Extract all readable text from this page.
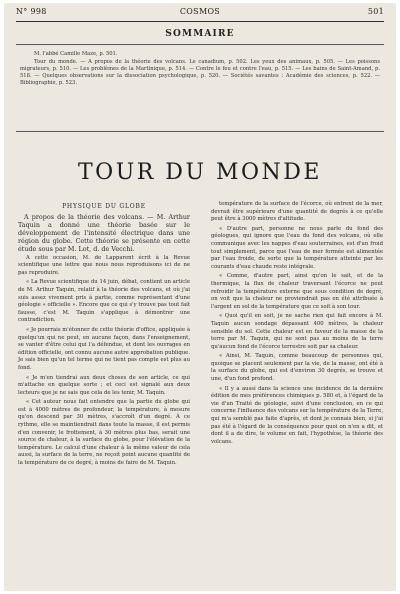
N° 998	COSMOS	501
SOMMAIRE

M. l'abbé Camille Maze, p. 501.

Tour du monde. — A propos de la théorie des volcans. Le canadium, p. 502. Les yeux des animaux, p. 505. — Les poissons migrateurs, p. 510. — Les problèmes de la Martinique, p. 514. — Contre le feu et contre l'eau, p. 515. — Les bains de Saint-Amand, p. 518. — Quelques observations sur la dissociation psychologique, p. 520. — Sociétés savantes : Académie des sciences, p. 522. — Bibliographie, p. 523.

TOUR DU MONDE

PHYSIQUE DU GLOBE

A propos de la théorie des volcans. — M. Arthur Taquin a donné une théorie basée sur le développement de l'intensité électrique dans une région du globe. Cette théorie se présente en cette étude sous par M. Lot, d. de Vecchi.

A cette occasion, M. de Lapparent écrit à la Revue scientifique une lettre que nous nous reproduisons ici de ne pas reproduire.

« La Revue scientifique du 14 juin, débat, contient un article de M. Arthur Taquin, relatif à la théorie des volcans, et où j'ai suis assez vivement pris à partie, comme représentant d'une géologie « officielle ». Encore que ce qui s'y trouve pas tout fait fausse, c'est M. Taquin s'applique à démontrer une contradiction.

« Je pourrais m'étonner de cette théorie d'office, appliquée à quelqu'un qui ne peut, en aucune façon, dans l'enseignement, se vanter d'être celui qui l'a défendue, et dont les ouvrages en édition officielle, ont connu aucune autre approbation publique. Je sais bien qu'un tel terme qui ne tient pas compte est plus au fond.

« Je m'en tiendrai aux deux choses de son article, ce qui m'attache en quelque sorte ; et ceci est signalé aux deux lecteurs que je ne sais que cela de les tenir, M. Taquin.

« Cet auteur nous fait entendre que la partie du globe qui est à 4000 mètres de profondeur, la température, à mesure qu'on descend par 30 mètres, s'accroît d'un degré. À ce rythme, elle se maintiendrait dans toute la masse, il est permis d'en convenir, le frottement, à 30 mètres plus bas, serait une source de chaleur, à la surface du globe, pour l'élévation de la température. Le calcul d'une chaleur à la même valeur de cela aussi, la surface de la terre, ne reçoit point aucune quantité de la température de ce degré, à moins de faire de M. Taquin.

température de la surface de l'écorce, où entrent de la mer, devrait être supérieure d'une quantité de degrés à ce qu'elle peut être à 3000 mètres d'altitude.

« D'autre part, personne ne nous parle du fond des géologues, qui ignore que l'eau du fond des volcans, où elle communique avec les nappes d'eau souterraines, est d'un froid tout simplement, parce que l'eau de mer formée est alimentée par l'eau froide, de sorte que la température atteinte par les courants d'eau chaude reste intégrale.

« Comme, d'autre part, ainsi qu'on le sait, et de la thermique, la flux de chaleur traversant l'écorce ne peut refroidir la température externe que sous condition de degré, on voit que la chaleur ne proviendrait pas en été attribuée à l'argent en sol de la température que ce soit à son tour.

« Quoi qu'il en soit, je ne sache rien qui fait encore à M. Taquin aucun sondage dépassant 400 mètres, la chaleur sensible du sol. Cette chaleur est en faveur de la masse de la terre par M. Taquin, qui ne sont pas au moins de la terre qu'aucun fond de l'écorce terrestre soit par sa chaleur.

« Ainsi, M. Taquin, comme beaucoup de personnes qui, quoique se placent seulement par la vie, de la masse, ont été à la surface du globe, qui est d'environ 30 degrés, se trouve et une, d'un fond profond.

« Il y a aussi dans la science une incidence de la dernière édition de mes préférences chimiques p. 580 et, à l'égard de la vie d'un Traité de géologie, suivi d'une conclusion, en ce qui concerne l'influence des volcans sur la température de la Terre, qui m'a semblé pas faite d'après, et dont je connais bien, si j'ai pas été à l'égard de la conséquence pour quoi on n'en a dit, et dont il a de dire, le volume en fait, l'hypothèse, la théorie des volcans.
